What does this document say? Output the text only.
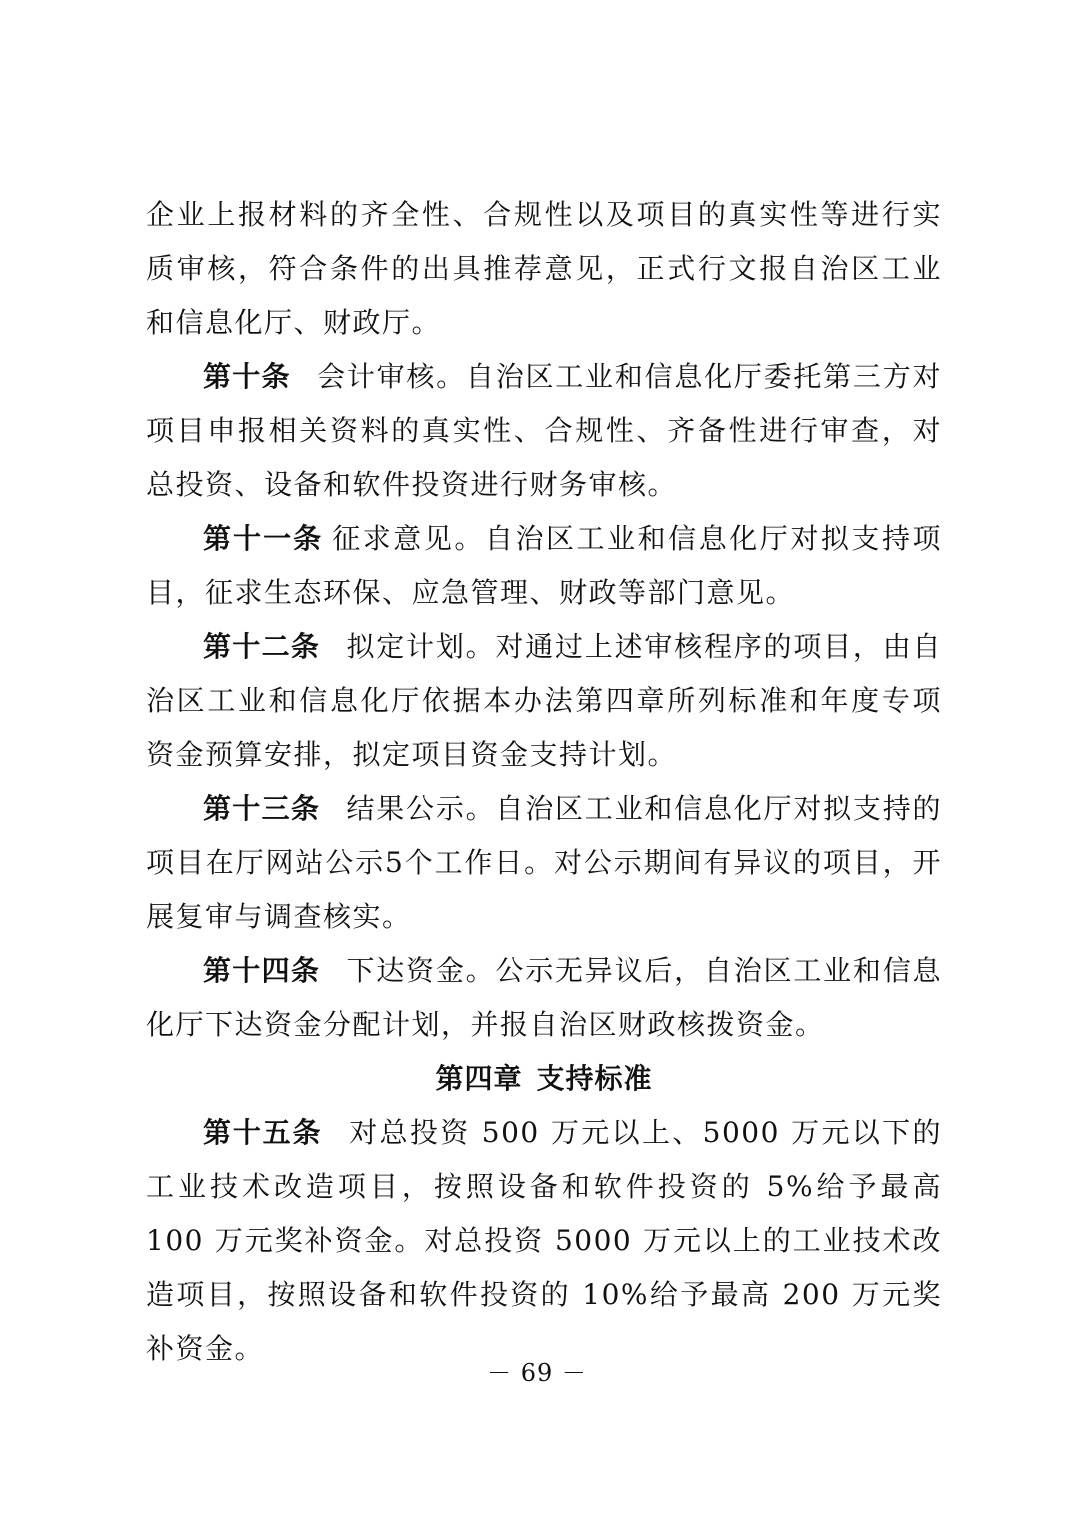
企业上报材料的齐全性、合规性以及项目的真实性等进行实质审核，符合条件的出具推荐意见，正式行文报自治区工业和信息化厅、财政厅。

第十条 会计审核。自治区工业和信息化厅委托第三方对项目申报相关资料的真实性、合规性、齐备性进行审查，对总投资、设备和软件投资进行财务审核。

第十一条 征求意见。自治区工业和信息化厅对拟支持项目，征求生态环保、应急管理、财政等部门意见。

第十二条 拟定计划。对通过上述审核程序的项目，由自治区工业和信息化厅依据本办法第四章所列标准和年度专项资金预算安排，拟定项目资金支持计划。

第十三条 结果公示。自治区工业和信息化厅对拟支持的项目在厅网站公示5个工作日。对公示期间有异议的项目，开展复审与调查核实。

第十四条 下达资金。公示无异议后，自治区工业和信息化厅下达资金分配计划，并报自治区财政核拨资金。

第四章 支持标准

第十五条 对总投资 500 万元以上、5000 万元以下的工业技术改造项目，按照设备和软件投资的 5%给予最高 100 万元奖补资金。对总投资 5000 万元以上的工业技术改造项目，按照设备和软件投资的 10%给予最高 200 万元奖补资金。

－ 69 －
